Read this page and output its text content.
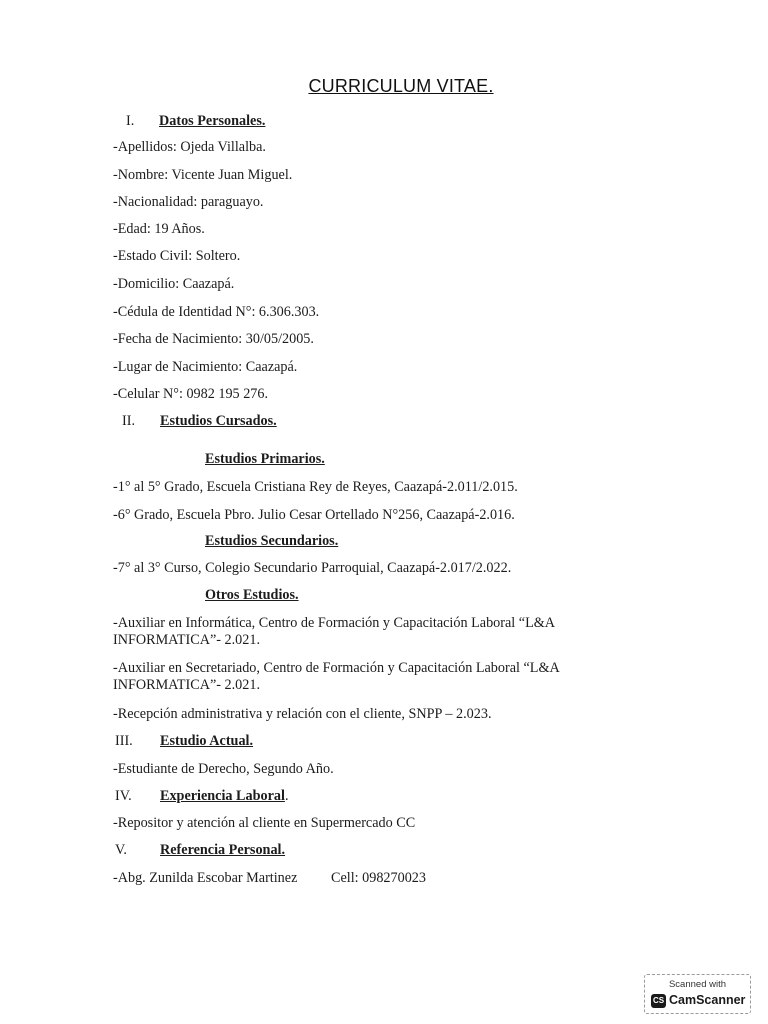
CURRICULUM VITAE.
I. Datos Personales.
-Apellidos: Ojeda Villalba.
-Nombre: Vicente Juan Miguel.
-Nacionalidad: paraguayo.
-Edad: 19 Años.
-Estado Civil: Soltero.
-Domicilio: Caazapá.
-Cédula de Identidad N°: 6.306.303.
-Fecha de Nacimiento: 30/05/2005.
-Lugar de Nacimiento: Caazapá.
-Celular N°: 0982 195 276.
II. Estudios Cursados.
Estudios Primarios.
-1° al 5° Grado, Escuela Cristiana Rey de Reyes, Caazapá-2.011/2.015.
-6° Grado, Escuela Pbro. Julio Cesar Ortellado N°256, Caazapá-2.016.
Estudios Secundarios.
-7° al 3° Curso, Colegio Secundario Parroquial, Caazapá-2.017/2.022.
Otros Estudios.
-Auxiliar en Informática, Centro de Formación y Capacitación Laboral “L&A INFORMATICA”- 2.021.
-Auxiliar en Secretariado, Centro de Formación y Capacitación Laboral “L&A INFORMATICA”- 2.021.
-Recepción administrativa y relación con el cliente, SNPP – 2.023.
III. Estudio Actual.
-Estudiante de Derecho, Segundo Año.
IV. Experiencia Laboral.
-Repositor y atención al cliente en Supermercado CC
V. Referencia Personal.
-Abg. Zunilda Escobar Martinez Cell: 098270023
Scanned with
CS CamScanner
